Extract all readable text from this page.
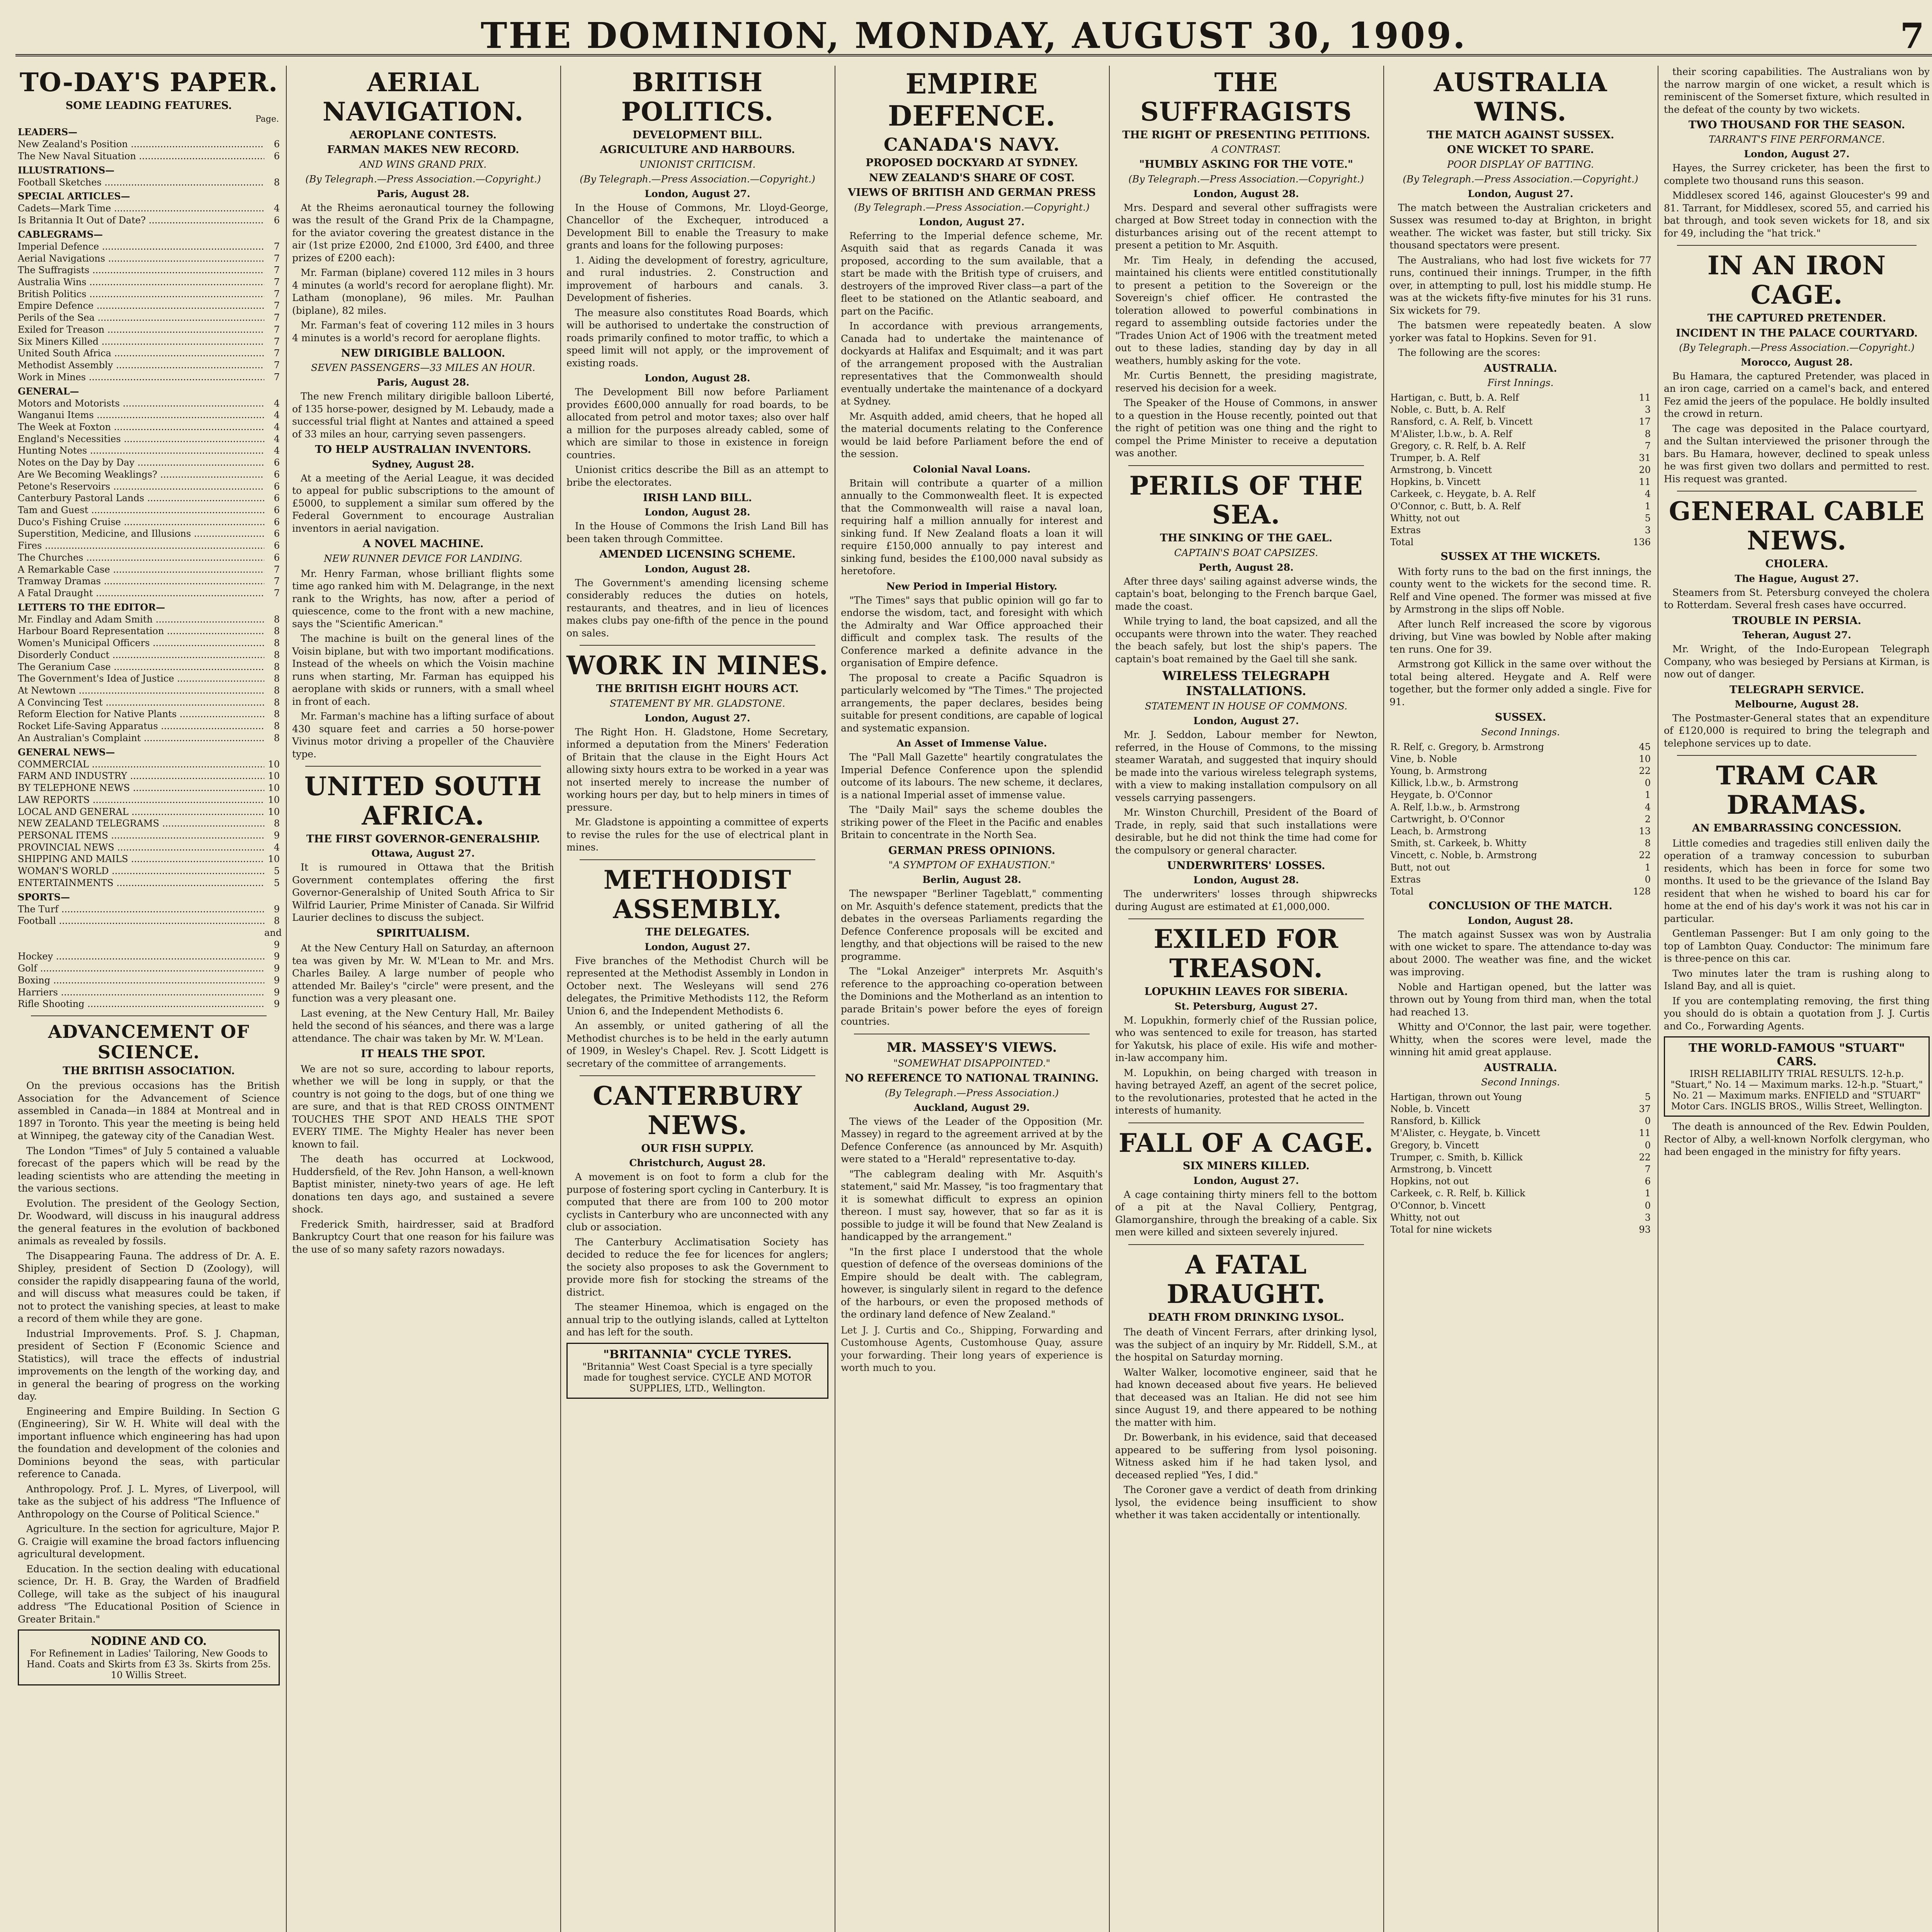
THE DOMINION, MONDAY, AUGUST 30, 1909.	7
TO-DAY'S PAPER.
SOME LEADING FEATURES.
Page.
LEADERS—
New Zealand's Position .....	6
The New Naval Situation .....	6
ILLUSTRATIONS—
Football Sketches .....	8
SPECIAL ARTICLES—
Cadets—Mark Time .....	4
Is Britannia It Out of Date? .....	6
CABLEGRAMS—
Imperial Defence .....	7
Aerial Navigations .....	7
The Suffragists .....	7
Australia Wins .....	7
British Politics .....	7
Empire Defence .....	7
Perils of the Sea .....	7
Exiled for Treason .....	7
Six Miners Killed .....	7
United South Africa .....	7
Methodist Assembly .....	7
Work in Mines .....	7
GENERAL—
Motors and Motorists .....	4
Wanganui Items .....	4
The Week at Foxton .....	4
England's Necessities .....	4
Hunting Notes .....	4
Notes on the Day by Day .....	6
Are We Becoming Weaklings? .....	6
Petone's Reservoirs .....	6
Canterbury Pastoral Lands .....	6
Tam and Guest .....	6
Duco's Fishing Cruise .....	6
Superstition, Medicine, and Illusions .....	6
Fires .....	6
The Churches .....	6
A Remarkable Case .....	7
Tramway Dramas .....	7
A Fatal Draught .....	7
LETTERS TO THE EDITOR—
Mr. Findlay and Adam Smith .....	8
Harbour Board Representation .....	8
Women's Municipal Officers .....	8
Disorderly Conduct .....	8
The Geranium Case .....	8
The Government's Idea of Justice .....	8
At Newtown .....	8
A Convincing Test .....	8
Reform Election for Native Plants .....	8
Rocket Life-Saving Apparatus .....	8
An Australian's Complaint .....	8
GENERAL NEWS—
COMMERCIAL .....	10
FARM AND INDUSTRY .....	10
BY TELEPHONE NEWS .....	10
LAW REPORTS .....	10
LOCAL AND GENERAL .....	10
NEW ZEALAND TELEGRAMS .....	8
PERSONAL ITEMS .....	9
PROVINCIAL NEWS .....	4
SHIPPING AND MAILS .....	10
WOMAN'S WORLD .....	5
ENTERTAINMENTS .....	5
SPORTS—
The Turf .....	9
Football .....	8 and 9
Hockey .....	9
Golf .....	9
Boxing .....	9
Harriers .....	9
Rifle Shooting .....	9
ADVANCEMENT OF SCIENCE.
THE BRITISH ASSOCIATION.

On the previous occasions has the British Association for the Advancement of Science assembled in Canada—in 1884 at Montreal and in 1897 in Toronto. This year the meeting is being held at Winnipeg, the gateway city of the Canadian West.

The London "Times" of July 5 contained a valuable forecast of the papers which will be read by the leading scientists who are attending the meeting in the various sections.

Evolution. The president of the Geology Section, Dr. Woodward, will discuss in his inaugural address the general features in the evolution of backboned animals as revealed by fossils.

The Disappearing Fauna. The address of Dr. A. E. Shipley, president of Section D (Zoology), will consider the rapidly disappearing fauna of the world, and will discuss what measures could be taken, if not to protect the vanishing species, at least to make a record of them while they are gone.

Industrial Improvements. Prof. S. J. Chapman, president of Section F (Economic Science and Statistics), will trace the effects of industrial improvements on the length of the working day, and in general the bearing of progress on the working day.

Engineering and Empire Building. In Section G (Engineering), Sir W. H. White will deal with the important influence which engineering has had upon the foundation and development of the colonies and Dominions beyond the seas, with particular reference to Canada.

Anthropology. Prof. J. L. Myres, of Liverpool, will take as the subject of his address "The Influence of Anthropology on the Course of Political Science."

Agriculture. In the section for agriculture, Major P. G. Craigie will examine the broad factors influencing agricultural development.

Education. In the section dealing with educational science, Dr. H. B. Gray, the Warden of Bradfield College, will take as the subject of his inaugural address "The Educational Position of Science in Greater Britain."

NODINE AND CO.
For Refinement in Ladies' Tailoring, New Goods to Hand. Coats and Skirts from £3 3s. Skirts from 25s. 10 Willis Street.
AERIAL NAVIGATION.
AEROPLANE CONTESTS.
FARMAN MAKES NEW RECORD.
AND WINS GRAND PRIX.
(By Telegraph.—Press Association.—Copyright.)
Paris, August 28.

At the Rheims aeronautical tourney the following was the result of the Grand Prix de la Champagne, for the aviator covering the greatest distance in the air (1st prize £2000, 2nd £1000, 3rd £400, and three prizes of £200 each):

Mr. Farman (biplane) covered 112 miles in 3 hours 4 minutes (a world's record for aeroplane flight). Mr. Latham (monoplane), 96 miles. Mr. Paulhan (biplane), 82 miles.

Mr. Farman's feat of covering 112 miles in 3 hours 4 minutes is a world's record for aeroplane flights.

NEW DIRIGIBLE BALLOON.
SEVEN PASSENGERS—33 MILES AN HOUR.
Paris, August 28.

The new French military dirigible balloon Liberté, of 135 horse-power, designed by M. Lebaudy, made a successful trial flight at Nantes and attained a speed of 33 miles an hour, carrying seven passengers.

TO HELP AUSTRALIAN INVENTORS.
Sydney, August 28.

At a meeting of the Aerial League, it was decided to appeal for public subscriptions to the amount of £5000, to supplement a similar sum offered by the Federal Government to encourage Australian inventors in aerial navigation.

A NOVEL MACHINE.
NEW RUNNER DEVICE FOR LANDING.

Mr. Henry Farman, whose brilliant flights some time ago ranked him with M. Delagrange, in the next rank to the Wrights, has now, after a period of quiescence, come to the front with a new machine, says the "Scientific American."

The machine is built on the general lines of the Voisin biplane, but with two important modifications. Instead of the wheels on which the Voisin machine runs when starting, Mr. Farman has equipped his aeroplane with skids or runners, with a small wheel in front of each.

Mr. Farman's machine has a lifting surface of about 430 square feet and carries a 50 horse-power Vivinus motor driving a propeller of the Chauvière type.

UNITED SOUTH AFRICA.
THE FIRST GOVERNOR-GENERALSHIP.
Ottawa, August 27.

It is rumoured in Ottawa that the British Government contemplates offering the first Governor-Generalship of United South Africa to Sir Wilfrid Laurier, Prime Minister of Canada. Sir Wilfrid Laurier declines to discuss the subject.

SPIRITUALISM.

At the New Century Hall on Saturday, an afternoon tea was given by Mr. W. M'Lean to Mr. and Mrs. Charles Bailey. A large number of people who attended Mr. Bailey's "circle" were present, and the function was a very pleasant one.

Last evening, at the New Century Hall, Mr. Bailey held the second of his séances, and there was a large attendance. The chair was taken by Mr. W. M'Lean.

IT HEALS THE SPOT.

We are not so sure, according to labour reports, whether we will be long in supply, or that the country is not going to the dogs, but of one thing we are sure, and that is that RED CROSS OINTMENT TOUCHES THE SPOT AND HEALS THE SPOT EVERY TIME. The Mighty Healer has never been known to fail.

The death has occurred at Lockwood, Huddersfield, of the Rev. John Hanson, a well-known Baptist minister, ninety-two years of age. He left donations ten days ago, and sustained a severe shock.

Frederick Smith, hairdresser, said at Bradford Bankruptcy Court that one reason for his failure was the use of so many safety razors nowadays.

BRITISH POLITICS.
DEVELOPMENT BILL.
AGRICULTURE AND HARBOURS.
UNIONIST CRITICISM.
(By Telegraph.—Press Association.—Copyright.)
London, August 27.

In the House of Commons, Mr. Lloyd-George, Chancellor of the Exchequer, introduced a Development Bill to enable the Treasury to make grants and loans for the following purposes:

1. Aiding the development of forestry, agriculture, and rural industries. 2. Construction and improvement of harbours and canals. 3. Development of fisheries.

The measure also constitutes Road Boards, which will be authorised to undertake the construction of roads primarily confined to motor traffic, to which a speed limit will not apply, or the improvement of existing roads.

London, August 28.

The Development Bill now before Parliament provides £600,000 annually for road boards, to be allocated from petrol and motor taxes; also over half a million for the purposes already cabled, some of which are similar to those in existence in foreign countries.

Unionist critics describe the Bill as an attempt to bribe the electorates.

IRISH LAND BILL.
London, August 28.

In the House of Commons the Irish Land Bill has been taken through Committee.

AMENDED LICENSING SCHEME.
London, August 28.

The Government's amending licensing scheme considerably reduces the duties on hotels, restaurants, and theatres, and in lieu of licences makes clubs pay one-fifth of the pence in the pound on sales.

WORK IN MINES.
THE BRITISH EIGHT HOURS ACT.
STATEMENT BY MR. GLADSTONE.
London, August 27.

The Right Hon. H. Gladstone, Home Secretary, informed a deputation from the Miners' Federation of Britain that the clause in the Eight Hours Act allowing sixty hours extra to be worked in a year was not inserted merely to increase the number of working hours per day, but to help miners in times of pressure.

Mr. Gladstone is appointing a committee of experts to revise the rules for the use of electrical plant in mines.

METHODIST ASSEMBLY.
THE DELEGATES.
London, August 27.

Five branches of the Methodist Church will be represented at the Methodist Assembly in London in October next. The Wesleyans will send 276 delegates, the Primitive Methodists 112, the Reform Union 6, and the Independent Methodists 6.

An assembly, or united gathering of all the Methodist churches is to be held in the early autumn of 1909, in Wesley's Chapel. Rev. J. Scott Lidgett is secretary of the committee of arrangements.

CANTERBURY NEWS.
OUR FISH SUPPLY.
Christchurch, August 28.

A movement is on foot to form a club for the purpose of fostering sport cycling in Canterbury. It is computed that there are from 100 to 200 motor cyclists in Canterbury who are unconnected with any club or association.

The Canterbury Acclimatisation Society has decided to reduce the fee for licences for anglers; the society also proposes to ask the Government to provide more fish for stocking the streams of the district.

The steamer Hinemoa, which is engaged on the annual trip to the outlying islands, called at Lyttelton and has left for the south.

"BRITANNIA" CYCLE TYRES.
"Britannia" West Coast Special is a tyre specially made for toughest service. CYCLE AND MOTOR SUPPLIES, LTD., Wellington.
EMPIRE DEFENCE.
CANADA'S NAVY.
PROPOSED DOCKYARD AT SYDNEY.
NEW ZEALAND'S SHARE OF COST.
VIEWS OF BRITISH AND GERMAN PRESS
(By Telegraph.—Press Association.—Copyright.)
London, August 27.

Referring to the Imperial defence scheme, Mr. Asquith said that as regards Canada it was proposed, according to the sum available, that a start be made with the British type of cruisers, and destroyers of the improved River class—a part of the fleet to be stationed on the Atlantic seaboard, and part on the Pacific.

In accordance with previous arrangements, Canada had to undertake the maintenance of dockyards at Halifax and Esquimalt; and it was part of the arrangement proposed with the Australian representatives that the Commonwealth should eventually undertake the maintenance of a dockyard at Sydney.

Mr. Asquith added, amid cheers, that he hoped all the material documents relating to the Conference would be laid before Parliament before the end of the session.

Colonial Naval Loans.

Britain will contribute a quarter of a million annually to the Commonwealth fleet. It is expected that the Commonwealth will raise a naval loan, requiring half a million annually for interest and sinking fund. If New Zealand floats a loan it will require £150,000 annually to pay interest and sinking fund, besides the £100,000 naval subsidy as heretofore.

New Period in Imperial History.

"The Times" says that public opinion will go far to endorse the wisdom, tact, and foresight with which the Admiralty and War Office approached their difficult and complex task. The results of the Conference marked a definite advance in the organisation of Empire defence.

The proposal to create a Pacific Squadron is particularly welcomed by "The Times." The projected arrangements, the paper declares, besides being suitable for present conditions, are capable of logical and systematic expansion.

An Asset of Immense Value.

The "Pall Mall Gazette" heartily congratulates the Imperial Defence Conference upon the splendid outcome of its labours. The new scheme, it declares, is a national Imperial asset of immense value.

The "Daily Mail" says the scheme doubles the striking power of the Fleet in the Pacific and enables Britain to concentrate in the North Sea.

GERMAN PRESS OPINIONS.
"A SYMPTOM OF EXHAUSTION."
Berlin, August 28.

The newspaper "Berliner Tageblatt," commenting on Mr. Asquith's defence statement, predicts that the debates in the overseas Parliaments regarding the Defence Conference proposals will be excited and lengthy, and that objections will be raised to the new programme.

The "Lokal Anzeiger" interprets Mr. Asquith's reference to the approaching co-operation between the Dominions and the Motherland as an intention to parade Britain's power before the eyes of foreign countries.

MR. MASSEY'S VIEWS.
"SOMEWHAT DISAPPOINTED."
NO REFERENCE TO NATIONAL TRAINING.
(By Telegraph.—Press Association.)
Auckland, August 29.

The views of the Leader of the Opposition (Mr. Massey) in regard to the agreement arrived at by the Defence Conference (as announced by Mr. Asquith) were stated to a "Herald" representative to-day.

"The cablegram dealing with Mr. Asquith's statement," said Mr. Massey, "is too fragmentary that it is somewhat difficult to express an opinion thereon. I must say, however, that so far as it is possible to judge it will be found that New Zealand is handicapped by the arrangement."

"In the first place I understood that the whole question of defence of the overseas dominions of the Empire should be dealt with. The cablegram, however, is singularly silent in regard to the defence of the harbours, or even the proposed methods of the ordinary land defence of New Zealand."

Let J. J. Curtis and Co., Shipping, Forwarding and Customhouse Agents, Customhouse Quay, assure your forwarding. Their long years of experience is worth much to you.
THE SUFFRAGISTS
THE RIGHT OF PRESENTING PETITIONS.
A CONTRAST.
"HUMBLY ASKING FOR THE VOTE."
(By Telegraph.—Press Association.—Copyright.)
London, August 28.

Mrs. Despard and several other suffragists were charged at Bow Street today in connection with the disturbances arising out of the recent attempt to present a petition to Mr. Asquith.

Mr. Tim Healy, in defending the accused, maintained his clients were entitled constitutionally to present a petition to the Sovereign or the Sovereign's chief officer. He contrasted the toleration allowed to powerful combinations in regard to assembling outside factories under the "Trades Union Act of 1906 with the treatment meted out to these ladies, standing day by day in all weathers, humbly asking for the vote.

Mr. Curtis Bennett, the presiding magistrate, reserved his decision for a week.

The Speaker of the House of Commons, in answer to a question in the House recently, pointed out that the right of petition was one thing and the right to compel the Prime Minister to receive a deputation was another.

PERILS OF THE SEA.
THE SINKING OF THE GAEL.
CAPTAIN'S BOAT CAPSIZES.
Perth, August 28.

After three days' sailing against adverse winds, the captain's boat, belonging to the French barque Gael, made the coast.

While trying to land, the boat capsized, and all the occupants were thrown into the water. They reached the beach safely, but lost the ship's papers. The captain's boat remained by the Gael till she sank.

WIRELESS TELEGRAPH INSTALLATIONS.
STATEMENT IN HOUSE OF COMMONS.
London, August 27.

Mr. J. Seddon, Labour member for Newton, referred, in the House of Commons, to the missing steamer Waratah, and suggested that inquiry should be made into the various wireless telegraph systems, with a view to making installation compulsory on all vessels carrying passengers.

Mr. Winston Churchill, President of the Board of Trade, in reply, said that such installations were desirable, but he did not think the time had come for the compulsory or general character.

UNDERWRITERS' LOSSES.
London, August 28.

The underwriters' losses through shipwrecks during August are estimated at £1,000,000.

EXILED FOR TREASON.
LOPUKHIN LEAVES FOR SIBERIA.
St. Petersburg, August 27.

M. Lopukhin, formerly chief of the Russian police, who was sentenced to exile for treason, has started for Yakutsk, his place of exile. His wife and mother-in-law accompany him.

M. Lopukhin, on being charged with treason in having betrayed Azeff, an agent of the secret police, to the revolutionaries, protested that he acted in the interests of humanity.

FALL OF A CAGE.
SIX MINERS KILLED.
London, August 27.

A cage containing thirty miners fell to the bottom of a pit at the Naval Colliery, Pentgrag, Glamorganshire, through the breaking of a cable. Six men were killed and sixteen severely injured.

A FATAL DRAUGHT.
DEATH FROM DRINKING LYSOL.

The death of Vincent Ferrars, after drinking lysol, was the subject of an inquiry by Mr. Riddell, S.M., at the hospital on Saturday morning.

Walter Walker, locomotive engineer, said that he had known deceased about five years. He believed that deceased was an Italian. He did not see him since August 19, and there appeared to be nothing the matter with him.

Dr. Bowerbank, in his evidence, said that deceased appeared to be suffering from lysol poisoning. Witness asked him if he had taken lysol, and deceased replied "Yes, I did."

The Coroner gave a verdict of death from drinking lysol, the evidence being insufficient to show whether it was taken accidentally or intentionally.

AUSTRALIA WINS.
THE MATCH AGAINST SUSSEX.
ONE WICKET TO SPARE.
POOR DISPLAY OF BATTING.
(By Telegraph.—Press Association.—Copyright.)
London, August 27.

The match between the Australian cricketers and Sussex was resumed to-day at Brighton, in bright weather. The wicket was faster, but still tricky. Six thousand spectators were present.

The Australians, who had lost five wickets for 77 runs, continued their innings. Trumper, in the fifth over, in attempting to pull, lost his middle stump. He was at the wickets fifty-five minutes for his 31 runs. Six wickets for 79.

The batsmen were repeatedly beaten. A slow yorker was fatal to Hopkins. Seven for 91.

The following are the scores:

AUSTRALIA.
First Innings.
Hartigan, c. Butt, b. A. Relf	11
Noble, c. Butt, b. A. Relf	3
Ransford, c. A. Relf, b. Vincett	17
M'Alister, l.b.w., b. A. Relf	8
Gregory, c. R. Relf, b. A. Relf	7
Trumper, b. A. Relf	31
Armstrong, b. Vincett	20
Hopkins, b. Vincett	11
Carkeek, c. Heygate, b. A. Relf	4
O'Connor, c. Butt, b. A. Relf	1
Whitty, not out	5
Extras	3
Total	136
SUSSEX AT THE WICKETS.

With forty runs to the bad on the first innings, the county went to the wickets for the second time. R. Relf and Vine opened. The former was missed at five by Armstrong in the slips off Noble.

After lunch Relf increased the score by vigorous driving, but Vine was bowled by Noble after making ten runs. One for 39.

Armstrong got Killick in the same over without the total being altered. Heygate and A. Relf were together, but the former only added a single. Five for 91.

SUSSEX.
Second Innings.
R. Relf, c. Gregory, b. Armstrong	45
Vine, b. Noble	10
Young, b. Armstrong	22
Killick, l.b.w., b. Armstrong	0
Heygate, b. O'Connor	1
A. Relf, l.b.w., b. Armstrong	4
Cartwright, b. O'Connor	2
Leach, b. Armstrong	13
Smith, st. Carkeek, b. Whitty	8
Vincett, c. Noble, b. Armstrong	22
Butt, not out	1
Extras	0
Total	128
CONCLUSION OF THE MATCH.
London, August 28.

The match against Sussex was won by Australia with one wicket to spare. The attendance to-day was about 2000. The weather was fine, and the wicket was improving.

Noble and Hartigan opened, but the latter was thrown out by Young from third man, when the total had reached 13.

Whitty and O'Connor, the last pair, were together. Whitty, when the scores were level, made the winning hit amid great applause.

AUSTRALIA.
Second Innings.
Hartigan, thrown out Young	5
Noble, b. Vincett	37
Ransford, b. Killick	0
M'Alister, c. Heygate, b. Vincett	11
Gregory, b. Vincett	0
Trumper, c. Smith, b. Killick	22
Armstrong, b. Vincett	7
Hopkins, not out	6
Carkeek, c. R. Relf, b. Killick	1
O'Connor, b. Vincett	0
Whitty, not out	3
Total for nine wickets	93

their scoring capabilities. The Australians won by the narrow margin of one wicket, a result which is reminiscent of the Somerset fixture, which resulted in the defeat of the county by two wickets.

TWO THOUSAND FOR THE SEASON.
TARRANT'S FINE PERFORMANCE.
London, August 27.

Hayes, the Surrey cricketer, has been the first to complete two thousand runs this season.

Middlesex scored 146, against Gloucester's 99 and 81. Tarrant, for Middlesex, scored 55, and carried his bat through, and took seven wickets for 18, and six for 49, including the "hat trick."

IN AN IRON CAGE.
THE CAPTURED PRETENDER.
INCIDENT IN THE PALACE COURTYARD.
(By Telegraph.—Press Association.—Copyright.)
Morocco, August 28.

Bu Hamara, the captured Pretender, was placed in an iron cage, carried on a camel's back, and entered Fez amid the jeers of the populace. He boldly insulted the crowd in return.

The cage was deposited in the Palace courtyard, and the Sultan interviewed the prisoner through the bars. Bu Hamara, however, declined to speak unless he was first given two dollars and permitted to rest. His request was granted.

GENERAL CABLE NEWS.
CHOLERA.
The Hague, August 27.

Steamers from St. Petersburg conveyed the cholera to Rotterdam. Several fresh cases have occurred.

TROUBLE IN PERSIA.
Teheran, August 27.

Mr. Wright, of the Indo-European Telegraph Company, who was besieged by Persians at Kirman, is now out of danger.

TELEGRAPH SERVICE.
Melbourne, August 28.

The Postmaster-General states that an expenditure of £120,000 is required to bring the telegraph and telephone services up to date.

TRAM CAR DRAMAS.
AN EMBARRASSING CONCESSION.

Little comedies and tragedies still enliven daily the operation of a tramway concession to suburban residents, which has been in force for some two months. It used to be the grievance of the Island Bay resident that when he wished to board his car for home at the end of his day's work it was not his car in particular.

Gentleman Passenger: But I am only going to the top of Lambton Quay. Conductor: The minimum fare is three-pence on this car.

Two minutes later the tram is rushing along to Island Bay, and all is quiet.

If you are contemplating removing, the first thing you should do is obtain a quotation from J. J. Curtis and Co., Forwarding Agents.

THE WORLD-FAMOUS "STUART" CARS.
IRISH RELIABILITY TRIAL RESULTS. 12-h.p. "Stuart," No. 14 — Maximum marks. 12-h.p. "Stuart," No. 21 — Maximum marks. ENFIELD and "STUART" Motor Cars. INGLIS BROS., Willis Street, Wellington.

The death is announced of the Rev. Edwin Poulden, Rector of Alby, a well-known Norfolk clergyman, who had been engaged in the ministry for fifty years.
